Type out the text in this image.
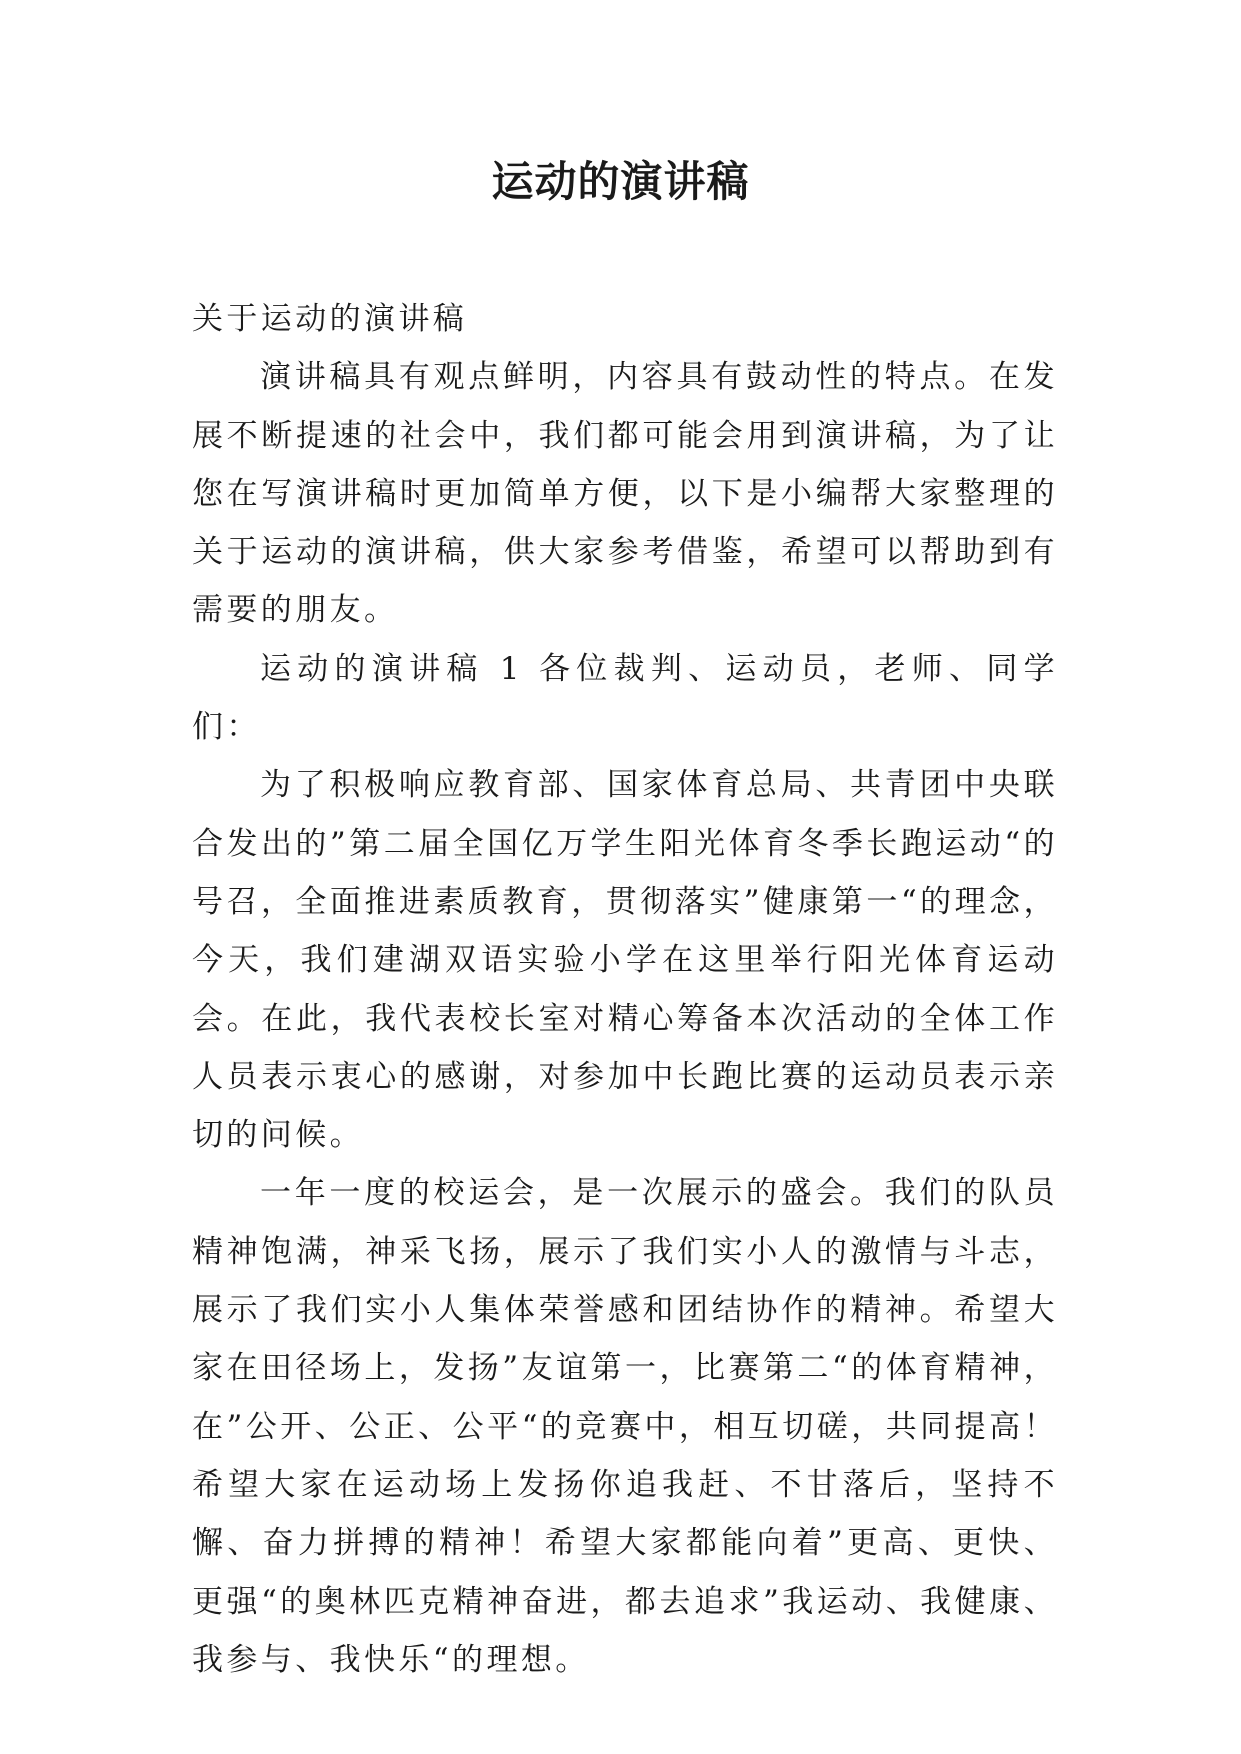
运动的演讲稿

关于运动的演讲稿

演讲稿具有观点鲜明，内容具有鼓动性的特点。在发展不断提速的社会中，我们都可能会用到演讲稿，为了让您在写演讲稿时更加简单方便，以下是小编帮大家整理的关于运动的演讲稿，供大家参考借鉴，希望可以帮助到有需要的朋友。

运动的演讲稿 1 各位裁判、运动员，老师、同学们：

为了积极响应教育部、国家体育总局、共青团中央联合发出的”第二届全国亿万学生阳光体育冬季长跑运动“的号召，全面推进素质教育，贯彻落实”健康第一“的理念，今天，我们建湖双语实验小学在这里举行阳光体育运动会。在此，我代表校长室对精心筹备本次活动的全体工作人员表示衷心的感谢，对参加中长跑比赛的运动员表示亲切的问候。

一年一度的校运会，是一次展示的盛会。我们的队员精神饱满，神采飞扬，展示了我们实小人的激情与斗志，展示了我们实小人集体荣誉感和团结协作的精神。希望大家在田径场上，发扬”友谊第一，比赛第二“的体育精神，在”公开、公正、公平“的竞赛中，相互切磋，共同提高！希望大家在运动场上发扬你追我赶、不甘落后，坚持不懈、奋力拼搏的精神！希望大家都能向着”更高、更快、更强“的奥林匹克精神奋进，都去追求”我运动、我健康、我参与、我快乐“的理想。
